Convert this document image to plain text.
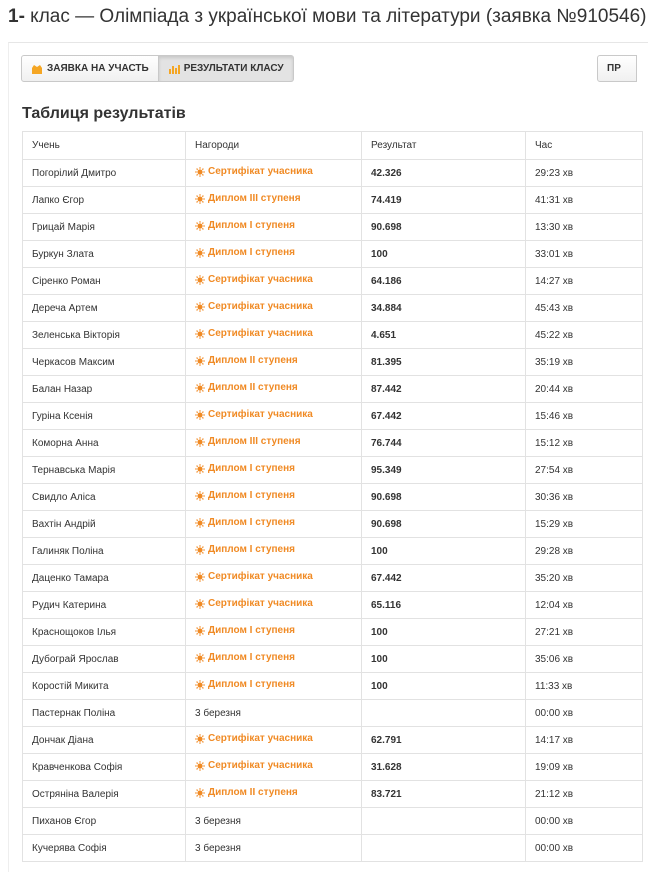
1- клас — Олімпіада з української мови та літератури (заявка №910546)
ЗАЯВКА НА УЧАСТЬ	РЕЗУЛЬТАТИ КЛАСУ	ПР
Таблиця результатів
Учень	Нагороди	Результат	Час
Погорілий Дмитро	Сертифікат учасника	42.326	29:23 хв
Лапко Єгор	Диплом ІІІ ступеня	74.419	41:31 хв
Грицай Марія	Диплом І ступеня	90.698	13:30 хв
Буркун Злата	Диплом І ступеня	100	33:01 хв
Сіренко Роман	Сертифікат учасника	64.186	14:27 хв
Дереча Артем	Сертифікат учасника	34.884	45:43 хв
Зеленська Вікторія	Сертифікат учасника	4.651	45:22 хв
Черкасов Максим	Диплом ІІ ступеня	81.395	35:19 хв
Балан Назар	Диплом ІІ ступеня	87.442	20:44 хв
Гуріна Ксенія	Сертифікат учасника	67.442	15:46 хв
Коморна Анна	Диплом ІІІ ступеня	76.744	15:12 хв
Тернавська Марія	Диплом І ступеня	95.349	27:54 хв
Свидло Аліса	Диплом І ступеня	90.698	30:36 хв
Вахтін Андрій	Диплом І ступеня	90.698	15:29 хв
Галиняк Поліна	Диплом І ступеня	100	29:28 хв
Даценко Тамара	Сертифікат учасника	67.442	35:20 хв
Рудич Катерина	Сертифікат учасника	65.116	12:04 хв
Краснощоков Ілья	Диплом І ступеня	100	27:21 хв
Дубограй Ярослав	Диплом І ступеня	100	35:06 хв
Коростій Микита	Диплом І ступеня	100	11:33 хв
Пастернак Поліна	3 березня		00:00 хв
Дончак Діана	Сертифікат учасника	62.791	14:17 хв
Кравченкова Софія	Сертифікат учасника	31.628	19:09 хв
Остряніна Валерія	Диплом ІІ ступеня	83.721	21:12 хв
Пиханов Єгор	3 березня		00:00 хв
Кучерява Софія	3 березня		00:00 хв
